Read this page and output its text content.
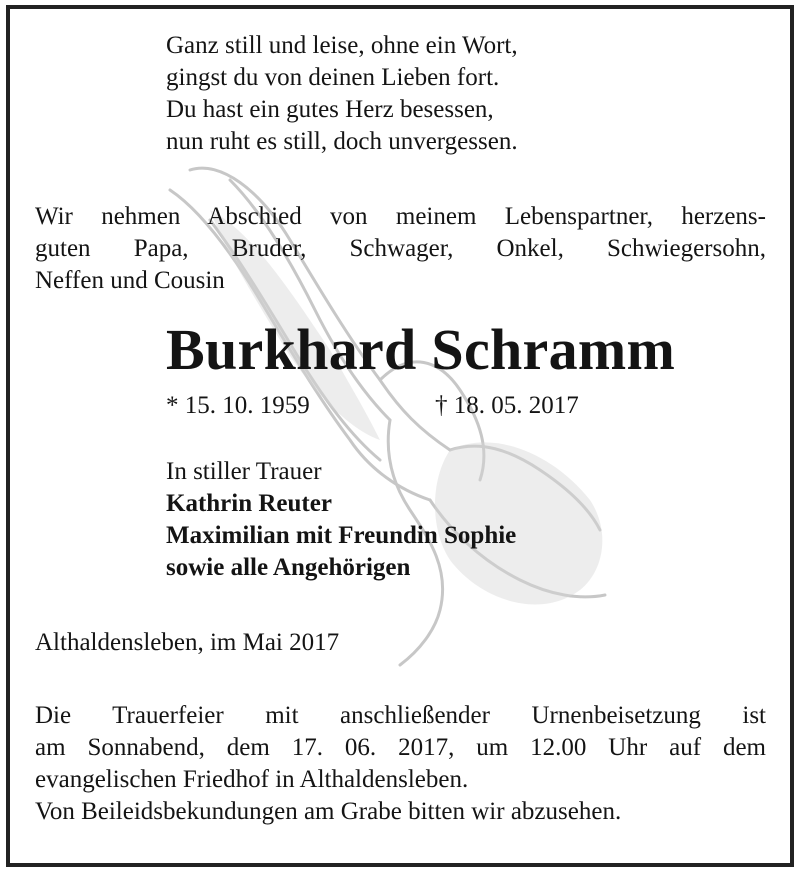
Ganz still und leise, ohne ein Wort,
gingst du von deinen Lieben fort.
Du hast ein gutes Herz besessen,
nun ruht es still, doch unvergessen.
Wir nehmen Abschied von meinem Lebenspartner, herzens-
guten Papa, Bruder, Schwager, Onkel, Schwiegersohn,
Neffen und Cousin
Burkhard Schramm
* 15. 10. 1959	† 18. 05. 2017
In stiller Trauer
Kathrin Reuter
Maximilian mit Freundin Sophie
sowie alle Angehörigen
Althaldensleben, im Mai 2017
Die Trauerfeier mit anschließender Urnenbeisetzung ist
am Sonnabend, dem 17. 06. 2017, um 12.00 Uhr auf dem
evangelischen Friedhof in Althaldensleben.
Von Beileidsbekundungen am Grabe bitten wir abzusehen.
